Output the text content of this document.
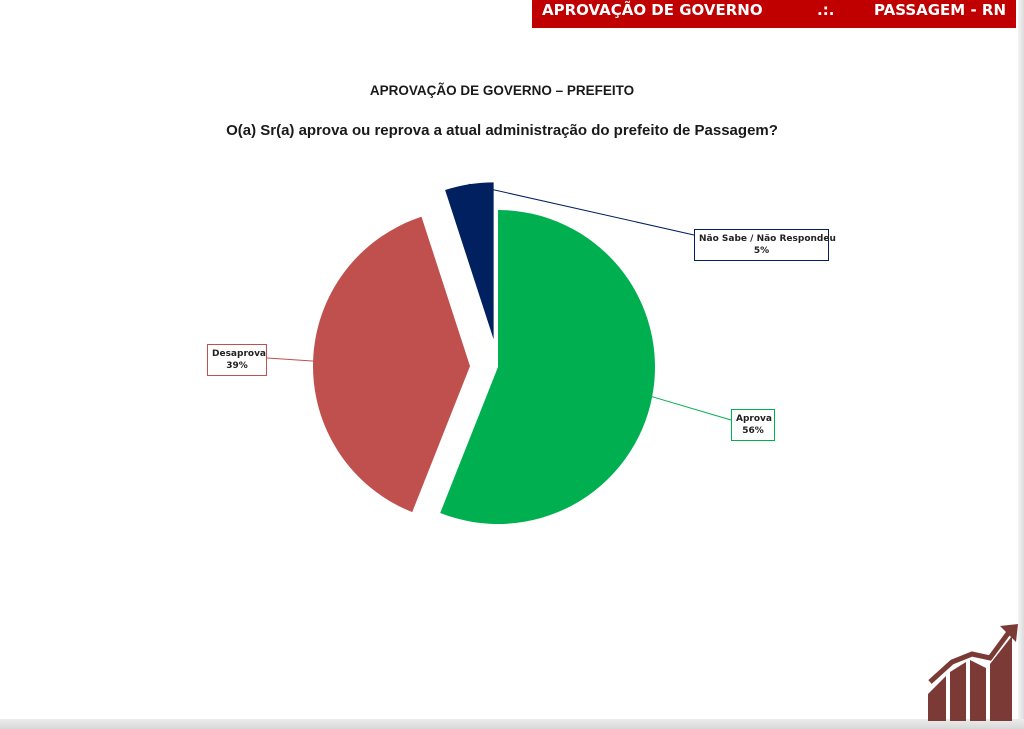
APROVAÇÃO DE GOVERNO	.:.	PASSAGEM - RN
APROVAÇÃO DE GOVERNO – PREFEITO
O(a) Sr(a) aprova ou reprova a atual administração do prefeito de Passagem?
Aprova
56%
Desaprova
39%
Não Sabe / Não Respondeu
5%
